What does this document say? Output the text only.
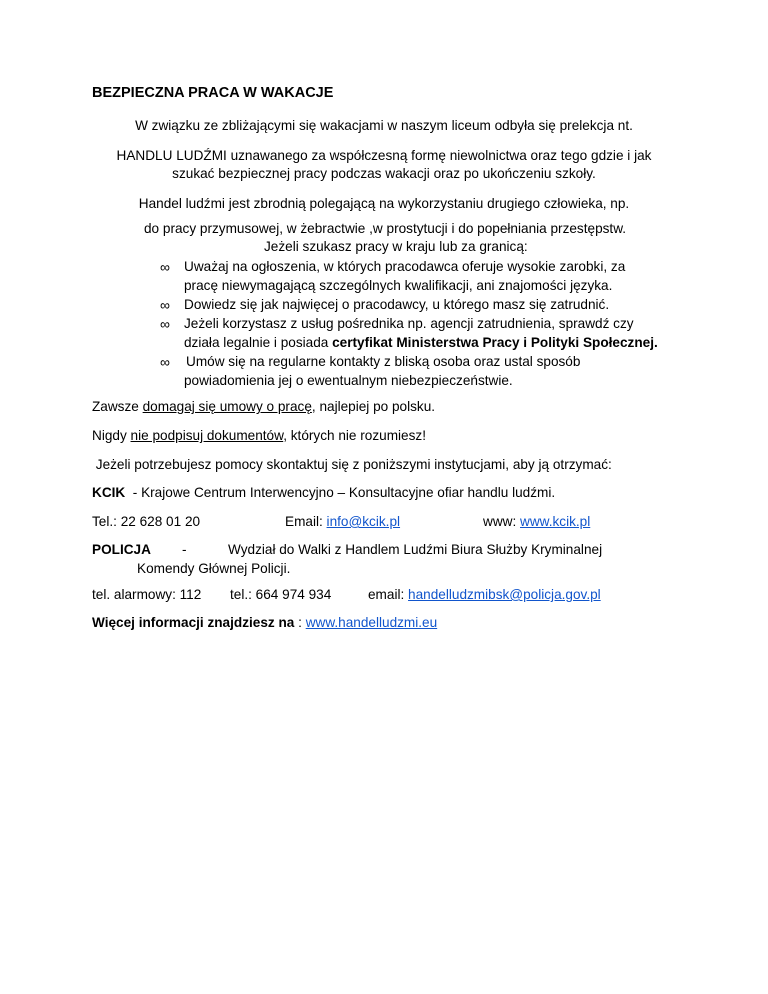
BEZPIECZNA PRACA W WAKACJE
W związku ze zbliżającymi się wakacjami w naszym liceum odbyła się prelekcja nt.
HANDLU LUDŹMI uznawanego za współczesną formę niewolnictwa oraz tego gdzie i jak
szukać bezpiecznej pracy podczas wakacji oraz po ukończeniu szkoły.
Handel ludźmi jest zbrodnią polegającą na wykorzystaniu drugiego człowieka, np.
do pracy przymusowej, w żebractwie ,w prostytucji i do popełniania przestępstw.
Jeżeli szukasz pracy w kraju lub za granicą:
∞ Uważaj na ogłoszenia, w których pracodawca oferuje wysokie zarobki, za
pracę niewymagającą szczególnych kwalifikacji, ani znajomości języka.
∞ Dowiedz się jak najwięcej o pracodawcy, u którego masz się zatrudnić.
∞ Jeżeli korzystasz z usług pośrednika np. agencji zatrudnienia, sprawdź czy
działa legalnie i posiada certyfikat Ministerstwa Pracy i Polityki Społecznej.
∞ Umów się na regularne kontakty z bliską osoba oraz ustal sposób
powiadomienia jej o ewentualnym niebezpieczeństwie.
Zawsze domagaj się umowy o pracę, najlepiej po polsku.
Nigdy nie podpisuj dokumentów, których nie rozumiesz!
Jeżeli potrzebujesz pomocy skontaktuj się z poniższymi instytucjami, aby ją otrzymać:
KCIK  - Krajowe Centrum Interwencyjno – Konsultacyjne ofiar handlu ludźmi.
Tel.: 22 628 01 20	Email: info@kcik.pl	www: www.kcik.pl
POLICJA -	Wydział do Walki z Handlem Ludźmi Biura Służby Kryminalnej
Komendy Głównej Policji.
tel. alarmowy: 112 tel.: 664 974 934	email: handelludzmibsk@policja.gov.pl
Więcej informacji znajdziesz na : www.handelludzmi.eu
